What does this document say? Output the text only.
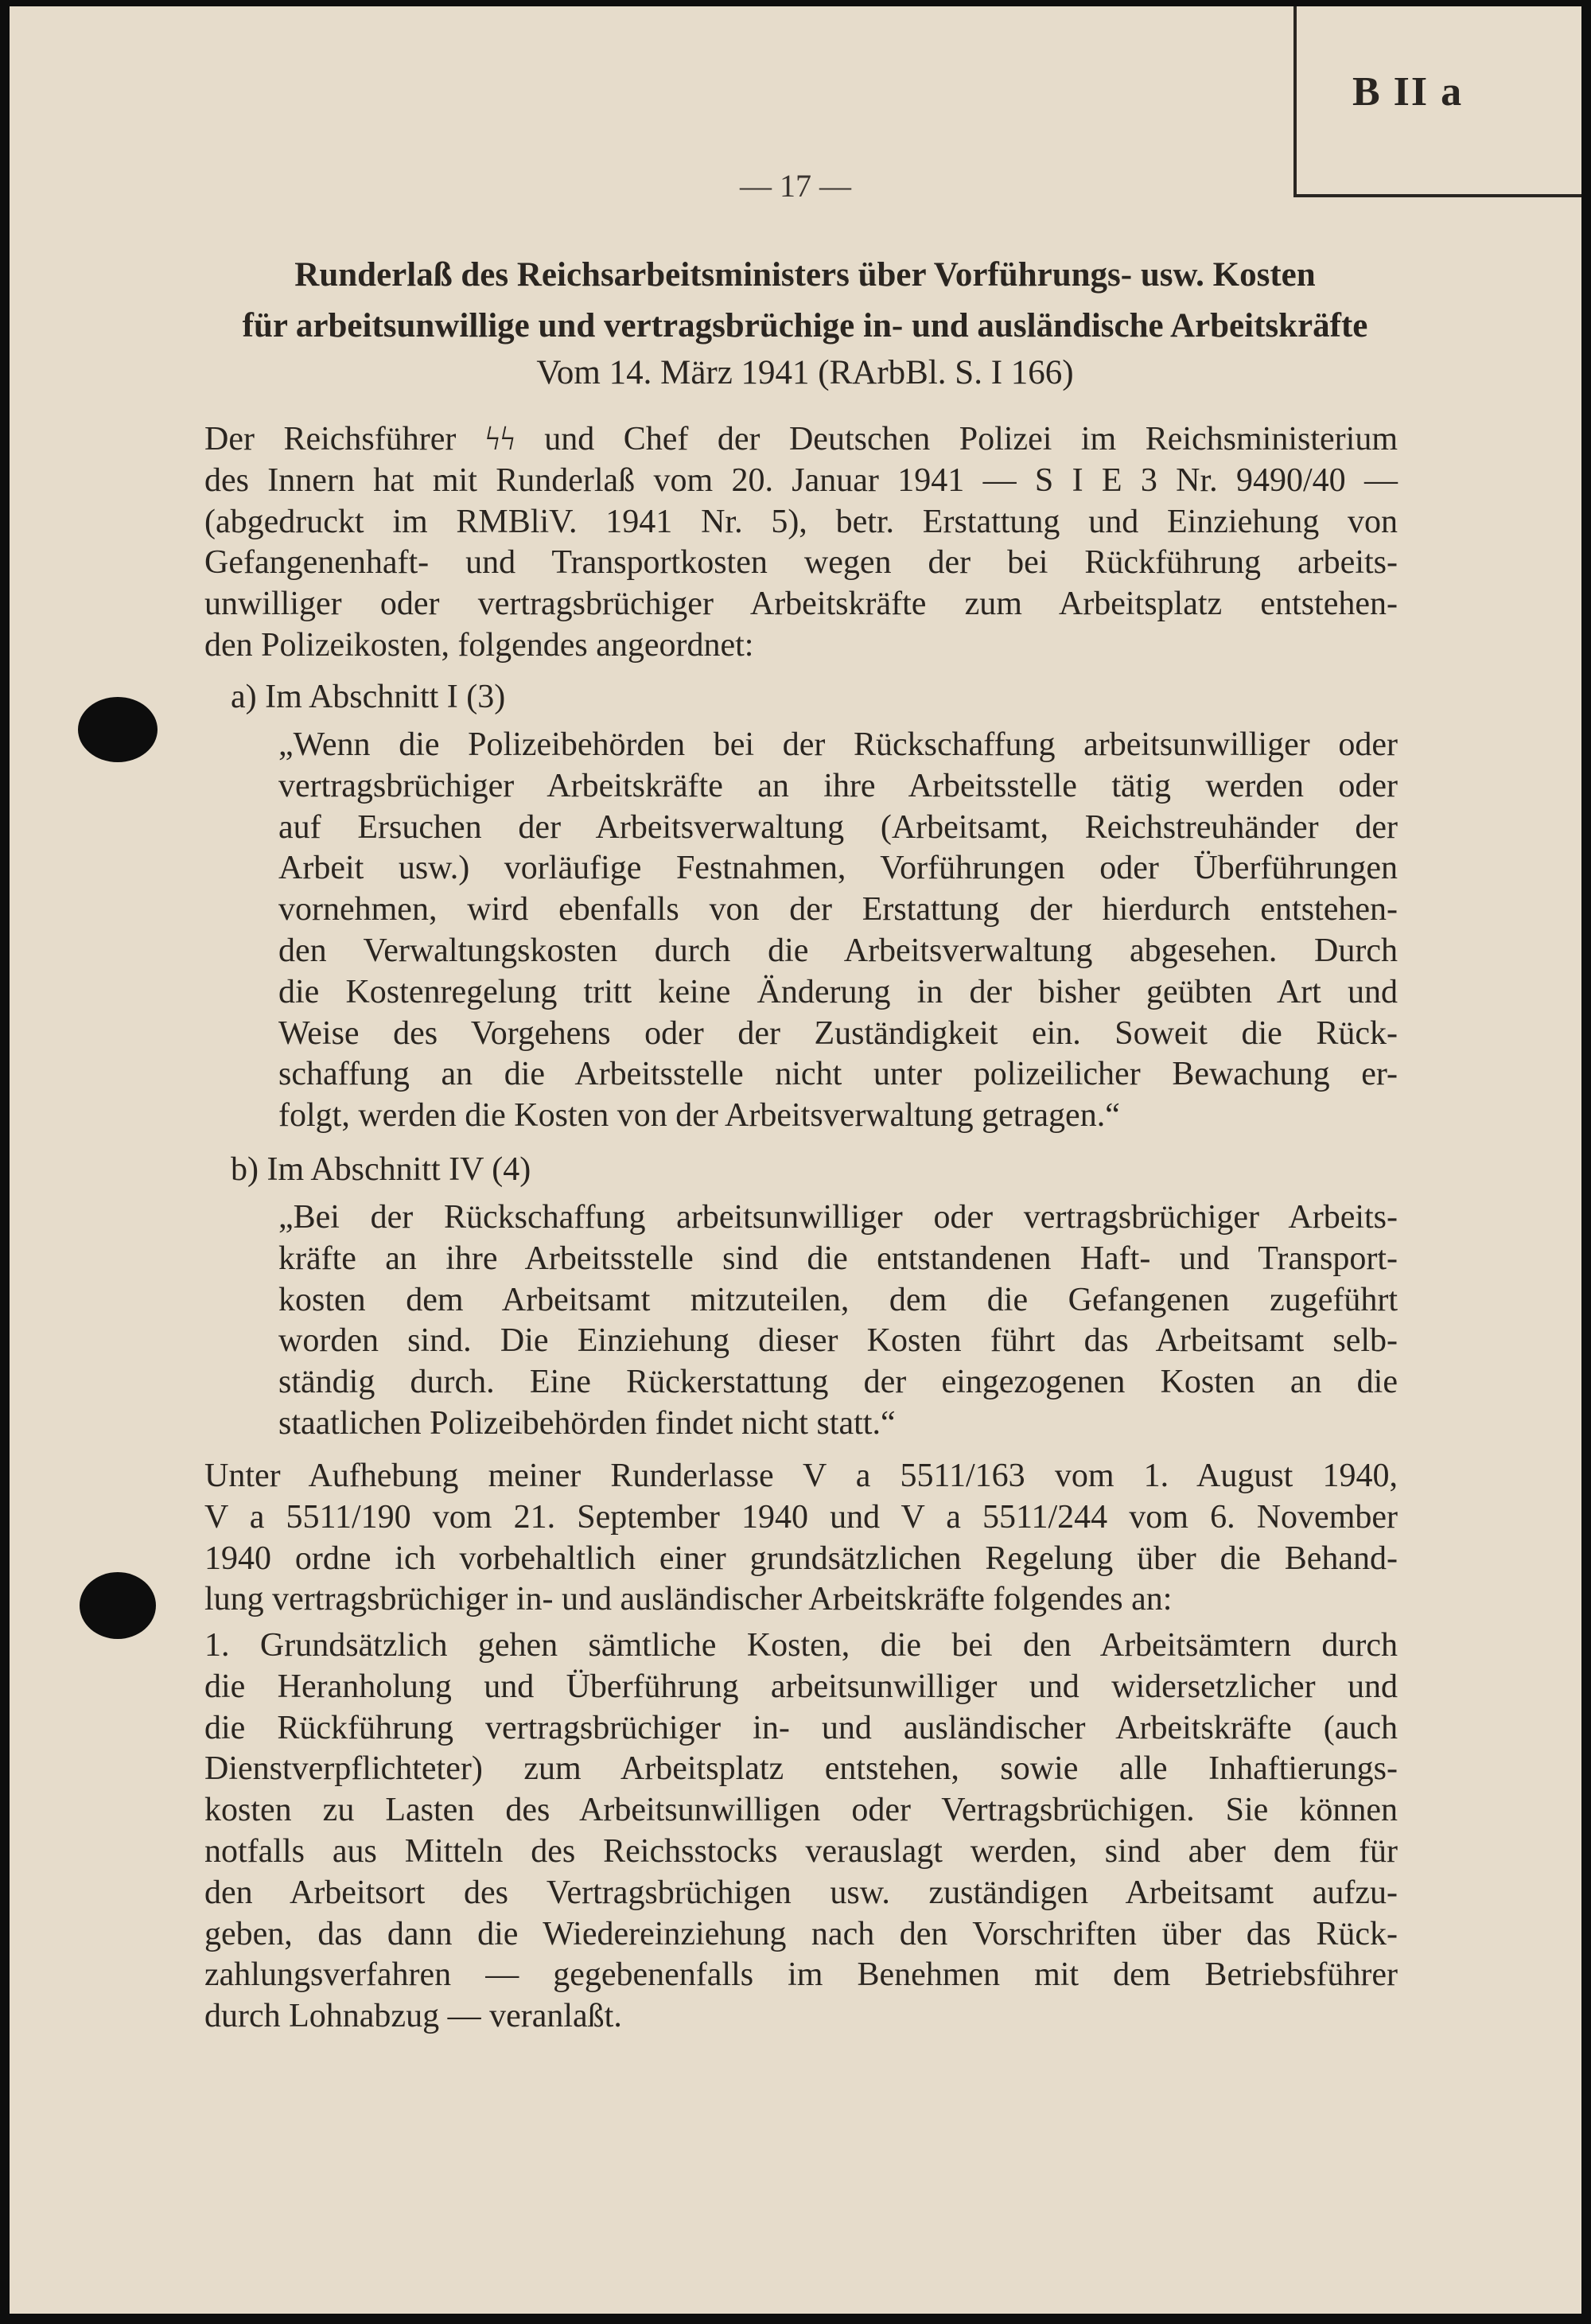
B II a
— 17 —
Runderlaß des Reichsarbeitsministers über Vorführungs- usw. Kosten
für arbeitsunwillige und vertragsbrüchige in- und ausländische Arbeitskräfte
Vom 14. März 1941 (RArbBl. S. I 166)
Der Reichsführer ϟϟ und Chef der Deutschen Polizei im Reichsministerium
des Innern hat mit Runderlaß vom 20. Januar 1941 — S I E 3 Nr. 9490/40 —
(abgedruckt im RMBliV. 1941 Nr. 5), betr. Erstattung und Einziehung von
Gefangenenhaft- und Transportkosten wegen der bei Rückführung arbeits-
unwilliger oder vertragsbrüchiger Arbeitskräfte zum Arbeitsplatz entstehen-
den Polizeikosten, folgendes angeordnet:
a) Im Abschnitt I (3)
„Wenn die Polizeibehörden bei der Rückschaffung arbeitsunwilliger oder
vertragsbrüchiger Arbeitskräfte an ihre Arbeitsstelle tätig werden oder
auf Ersuchen der Arbeitsverwaltung (Arbeitsamt, Reichstreuhänder der
Arbeit usw.) vorläufige Festnahmen, Vorführungen oder Überführungen
vornehmen, wird ebenfalls von der Erstattung der hierdurch entstehen-
den Verwaltungskosten durch die Arbeitsverwaltung abgesehen. Durch
die Kostenregelung tritt keine Änderung in der bisher geübten Art und
Weise des Vorgehens oder der Zuständigkeit ein. Soweit die Rück-
schaffung an die Arbeitsstelle nicht unter polizeilicher Bewachung er-
folgt, werden die Kosten von der Arbeitsverwaltung getragen.“
b) Im Abschnitt IV (4)
„Bei der Rückschaffung arbeitsunwilliger oder vertragsbrüchiger Arbeits-
kräfte an ihre Arbeitsstelle sind die entstandenen Haft- und Transport-
kosten dem Arbeitsamt mitzuteilen, dem die Gefangenen zugeführt
worden sind. Die Einziehung dieser Kosten führt das Arbeitsamt selb-
ständig durch. Eine Rückerstattung der eingezogenen Kosten an die
staatlichen Polizeibehörden findet nicht statt.“
Unter Aufhebung meiner Runderlasse V a 5511/163 vom 1. August 1940,
V a 5511/190 vom 21. September 1940 und V a 5511/244 vom 6. November
1940 ordne ich vorbehaltlich einer grundsätzlichen Regelung über die Behand-
lung vertragsbrüchiger in- und ausländischer Arbeitskräfte folgendes an:
1. Grundsätzlich gehen sämtliche Kosten, die bei den Arbeitsämtern durch
die Heranholung und Überführung arbeitsunwilliger und widersetzlicher und
die Rückführung vertragsbrüchiger in- und ausländischer Arbeitskräfte (auch
Dienstverpflichteter) zum Arbeitsplatz entstehen, sowie alle Inhaftierungs-
kosten zu Lasten des Arbeitsunwilligen oder Vertragsbrüchigen. Sie können
notfalls aus Mitteln des Reichsstocks verauslagt werden, sind aber dem für
den Arbeitsort des Vertragsbrüchigen usw. zuständigen Arbeitsamt aufzu-
geben, das dann die Wiedereinziehung nach den Vorschriften über das Rück-
zahlungsverfahren — gegebenenfalls im Benehmen mit dem Betriebsführer
durch Lohnabzug — veranlaßt.
